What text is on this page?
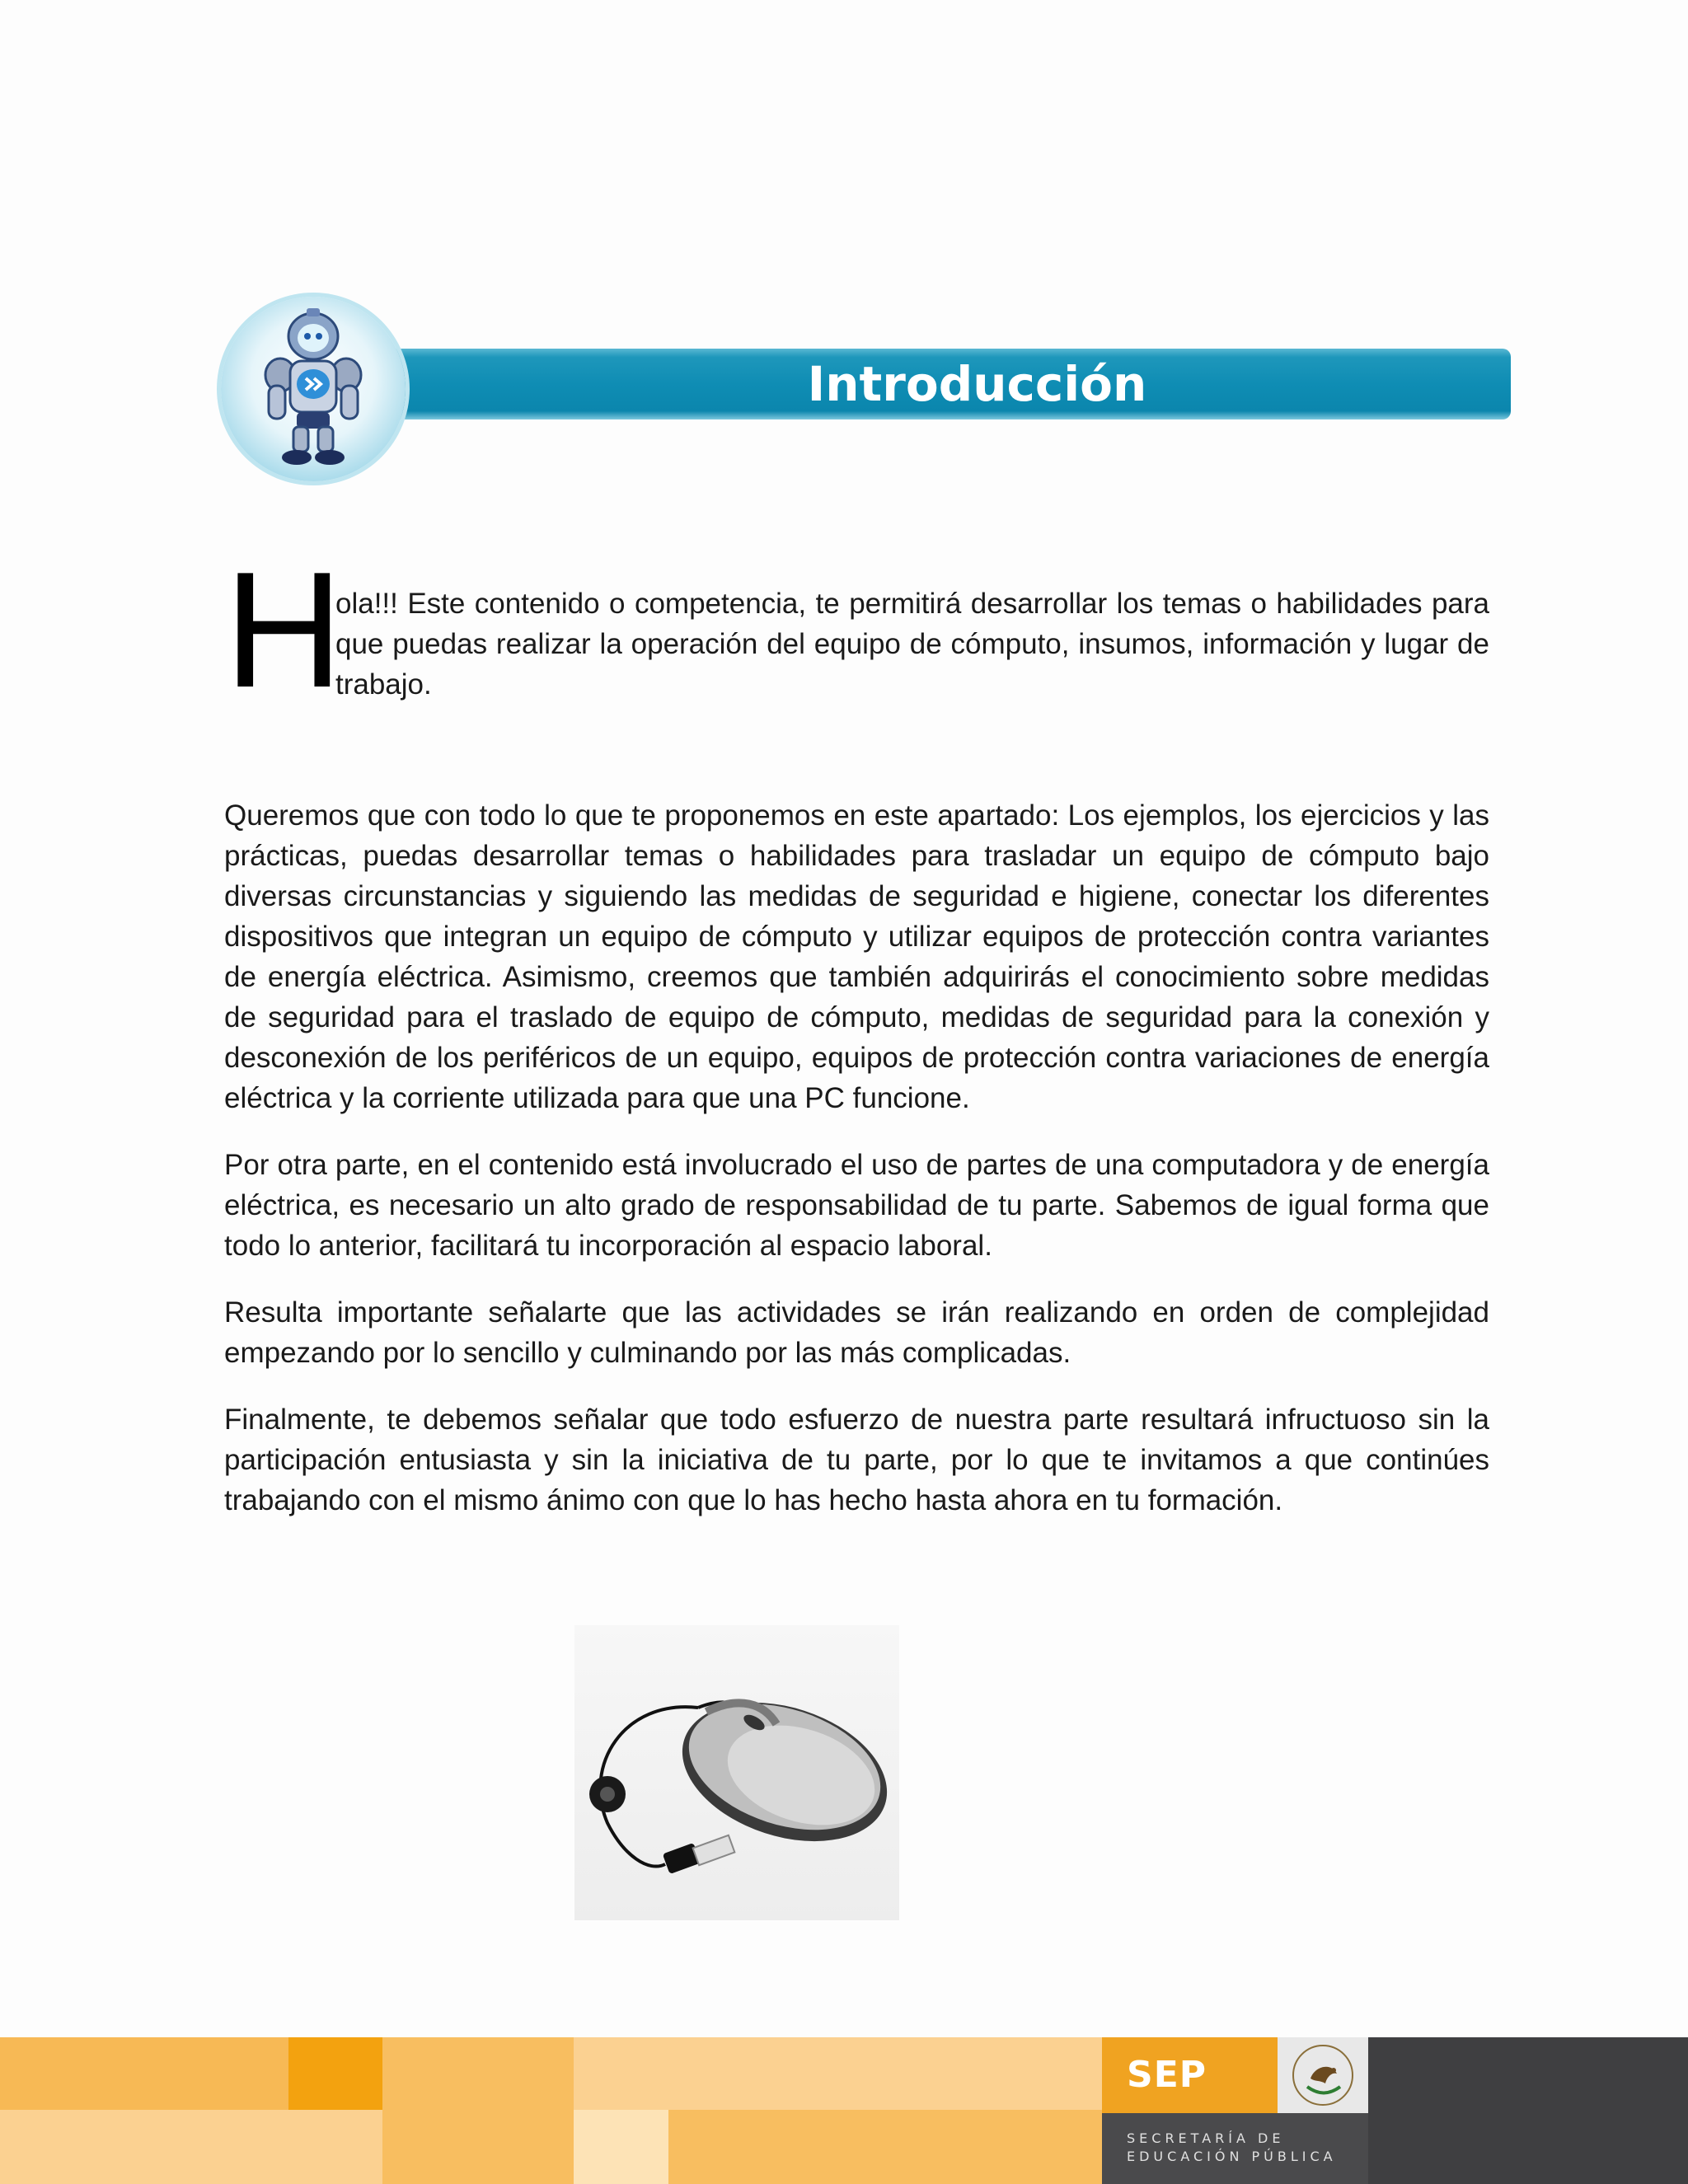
Introducción
H
ola!!! Este contenido o competencia, te permitirá desarrollar los temas o habilidades para que puedas realizar la operación del equipo de cómputo, insumos, información y lugar de trabajo.

Queremos que con todo lo que te proponemos en este apartado: Los ejemplos, los ejercicios y las prácticas, puedas desarrollar temas o habilidades para trasladar un equipo de cómputo bajo diversas circunstancias y siguiendo las medidas de seguridad e higiene, conectar los diferentes dispositivos que integran un equipo de cómputo y utilizar equipos de protección contra variantes de energía eléctrica. Asimismo, creemos que también adquirirás el conocimiento sobre medidas de seguridad para el traslado de equipo de cómputo, medidas de seguridad para la conexión y desconexión de los periféricos de un equipo, equipos de protección contra variaciones de energía eléctrica y la corriente utilizada para que una PC funcione.

Por otra parte, en el contenido está involucrado el uso de partes de una computadora y de energía eléctrica, es necesario un alto grado de responsabilidad de tu parte. Sabemos de igual forma que todo lo anterior, facilitará tu incorporación al espacio laboral.

Resulta importante señalarte que las actividades se irán realizando en orden de complejidad empezando por lo sencillo y culminando por las más complicadas.

Finalmente, te debemos señalar que todo esfuerzo de nuestra parte resultará infructuoso sin la participación entusiasta y sin la iniciativa de tu parte, por lo que te invitamos a que continúes trabajando con el mismo ánimo con que lo has hecho hasta ahora en tu formación.

SEP
SECRETARÍA DE
EDUCACIÓN PÚBLICA
